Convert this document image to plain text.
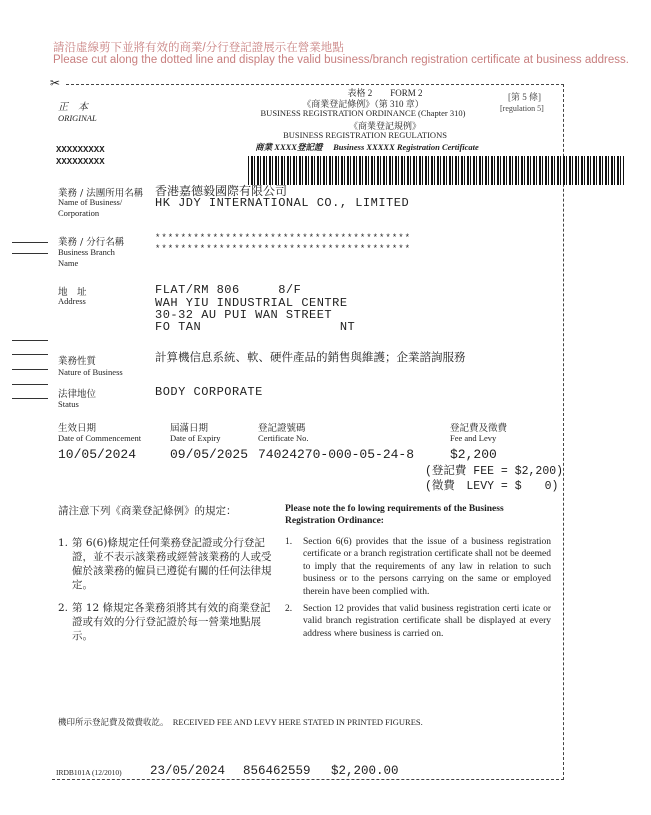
請沿虛線剪下並將有效的商業/分行登記證展示在營業地點
Please cut along the dotted line and display the valid business/branch registration certificate at business address.
✂
正　本
ORIGINAL
XXXXXXXXX
XXXXXXXXX
表格 2　　FORM 2
《商業登記條例》（第 310 章）
BUSINESS REGISTRATION ORDINANCE (Chapter 310)
《商業登記規例》
BUSINESS REGISTRATION REGULATIONS
商業 XXXX登記證　 Business XXXXX Registration Certificate
[第 5 條]
[regulation 5]
業務 / 法團所用名稱
Name of Business/ Corporation
香港嘉德毅國際有限公司
HK JDY INTERNATIONAL CO., LIMITED
業務 / 分行名稱
Business Branch Name
****************************************
****************************************
地　址
Address
FLAT/RM 806     8/F
WAH YIU INDUSTRIAL CENTRE
30-32 AU PUI WAN STREET
FO TAN                  NT
業務性質
Nature of Business
計算機信息系統、軟、硬件產品的銷售與維護；企業諮詢服務
法律地位
Status
BODY CORPORATE
生效日期
Date of Commencement
10/05/2024
屆滿日期
Date of Expiry
09/05/2025
登記證號碼
Certificate No.
74024270-000-05-24-8
登記費及徵費
Fee and Levy
$2,200
(登記費 FEE = $2,200)
(徵費　LEVY = $　　0)
請注意下列《商業登記條例》的規定：	Please note the fo lowing requirements of the Business Registration Ordinance:
1. 第 6(6)條規定任何業務登記證或分行登記證，並不表示該業務或經營該業務的人或受僱於該業務的僱員已遵從有關的任何法律規定。
2. 第 12 條規定各業務須將其有效的商業登記證或有效的分行登記證於每一營業地點展示。
1. Section 6(6) provides that the issue of a business registration certificate or a branch registration certificate shall not be deemed to imply that the requirements of any law in relation to such business or to the persons carrying on the same or employed therein have been complied with.
2. Section 12 provides that valid business registration certi icate or valid branch registration certificate shall be displayed at every address where business is carried on.
機印所示登記費及徵費收訖。　RECEIVED FEE AND LEVY HERE STATED IN PRINTED FIGURES.
IRDB101A (12/2010) 23/05/2024 856462559 $2,200.00
